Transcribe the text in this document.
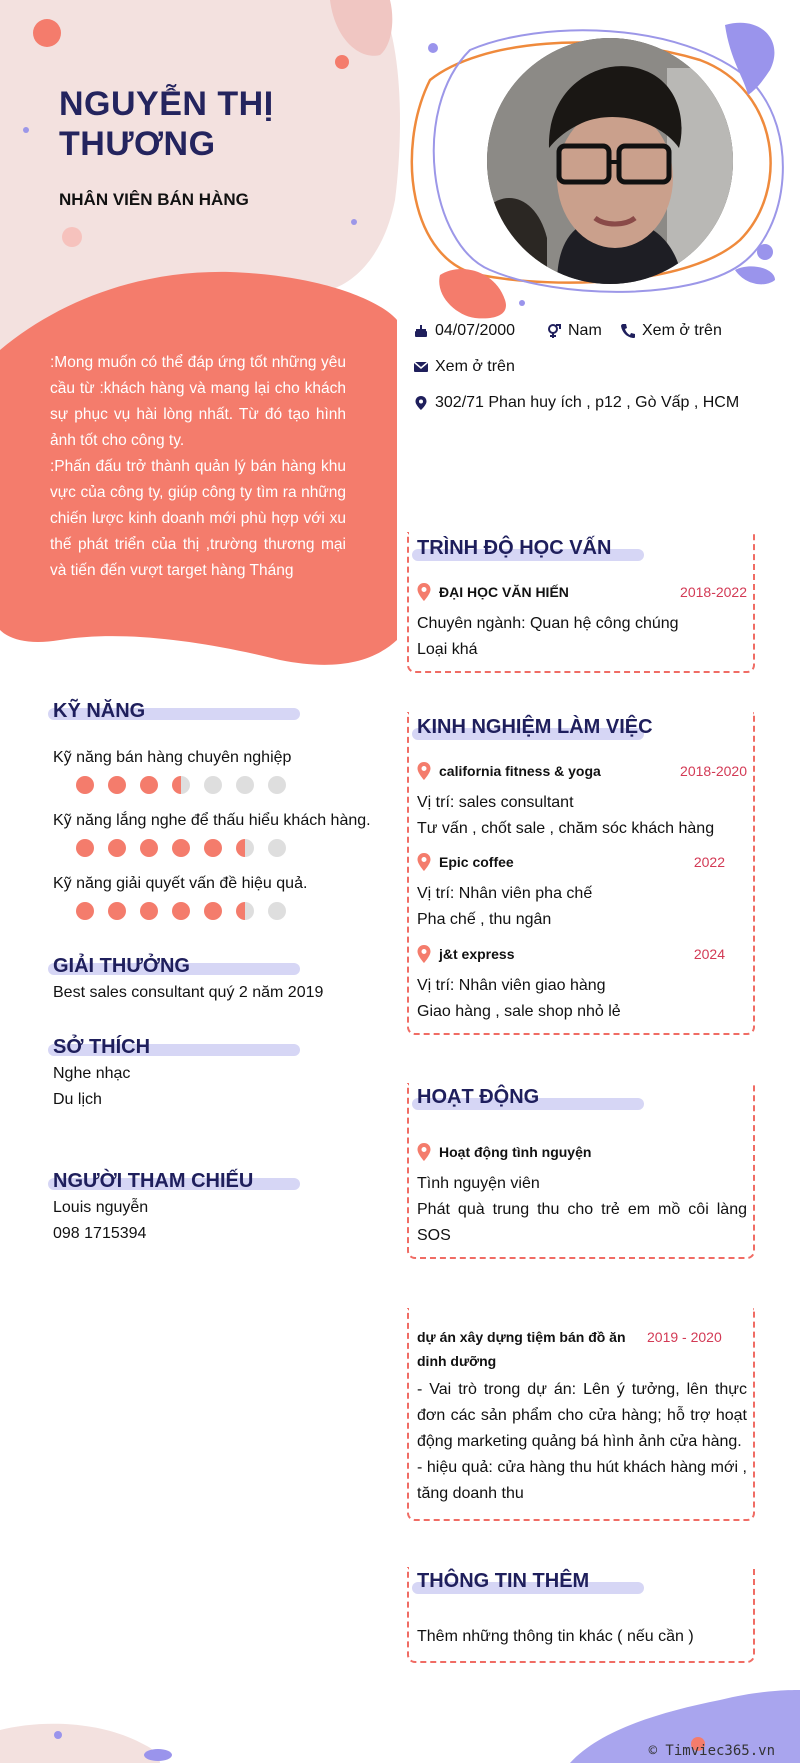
NGUYỄN THỊ THƯƠNG
NHÂN VIÊN BÁN HÀNG

:Mong muốn có thể đáp ứng tốt những yêu cầu từ :khách hàng và mang lại cho khách sự phục vụ hài lòng nhất. Từ đó tạo hình ảnh tốt cho công ty.

:Phấn đấu trở thành quản lý bán hàng khu vực của công ty, giúp công ty tìm ra những chiến lược kinh doanh mới phù hợp với xu thế phát triển của thị ,trường thương mại và tiến đến vượt target hàng Tháng

04/07/2000	Nam	Xem ở trên
Xem ở trên
302/71 Phan huy ích , p12 , Gò Vấp , HCM
KỸ NĂNG
Kỹ năng bán hàng chuyên nghiệp
Kỹ năng lắng nghe để thấu hiểu khách hàng.
Kỹ năng giải quyết vấn đề hiệu quả.
GIẢI THƯỞNG
Best sales consultant quý 2 năm 2019
SỞ THÍCH
Nghe nhạc
Du lịch
NGƯỜI THAM CHIẾU
Louis nguyễn
098 1715394
TRÌNH ĐỘ HỌC VẤN
ĐẠI HỌC VĂN HIẾN	2018-2022
Chuyên ngành: Quan hệ công chúng
Loại khá
KINH NGHIỆM LÀM VIỆC
california fitness & yoga	2018-2020
Vị trí: sales consultant
Tư vấn , chốt sale , chăm sóc khách hàng
Epic coffee	2022
Vị trí: Nhân viên pha chế
Pha chế , thu ngân
j&t express	2024
Vị trí: Nhân viên giao hàng
Giao hàng , sale shop nhỏ lẻ
HOẠT ĐỘNG
Hoạt động tình nguyện
Tình nguyện viên
Phát quà trung thu cho trẻ em mồ côi làng SOS
dự án xây dựng tiệm bán đồ ăn dinh dưỡng
2019 - 2020
- Vai trò trong dự án: Lên ý tưởng, lên thực đơn các sản phẩm cho cửa hàng; hỗ trợ hoạt động marketing quảng bá hình ảnh cửa hàng.
- hiệu quả: cửa hàng thu hút khách hàng mới , tăng doanh thu
THÔNG TIN THÊM
Thêm những thông tin khác ( nếu cần )
© Timviec365.vn
